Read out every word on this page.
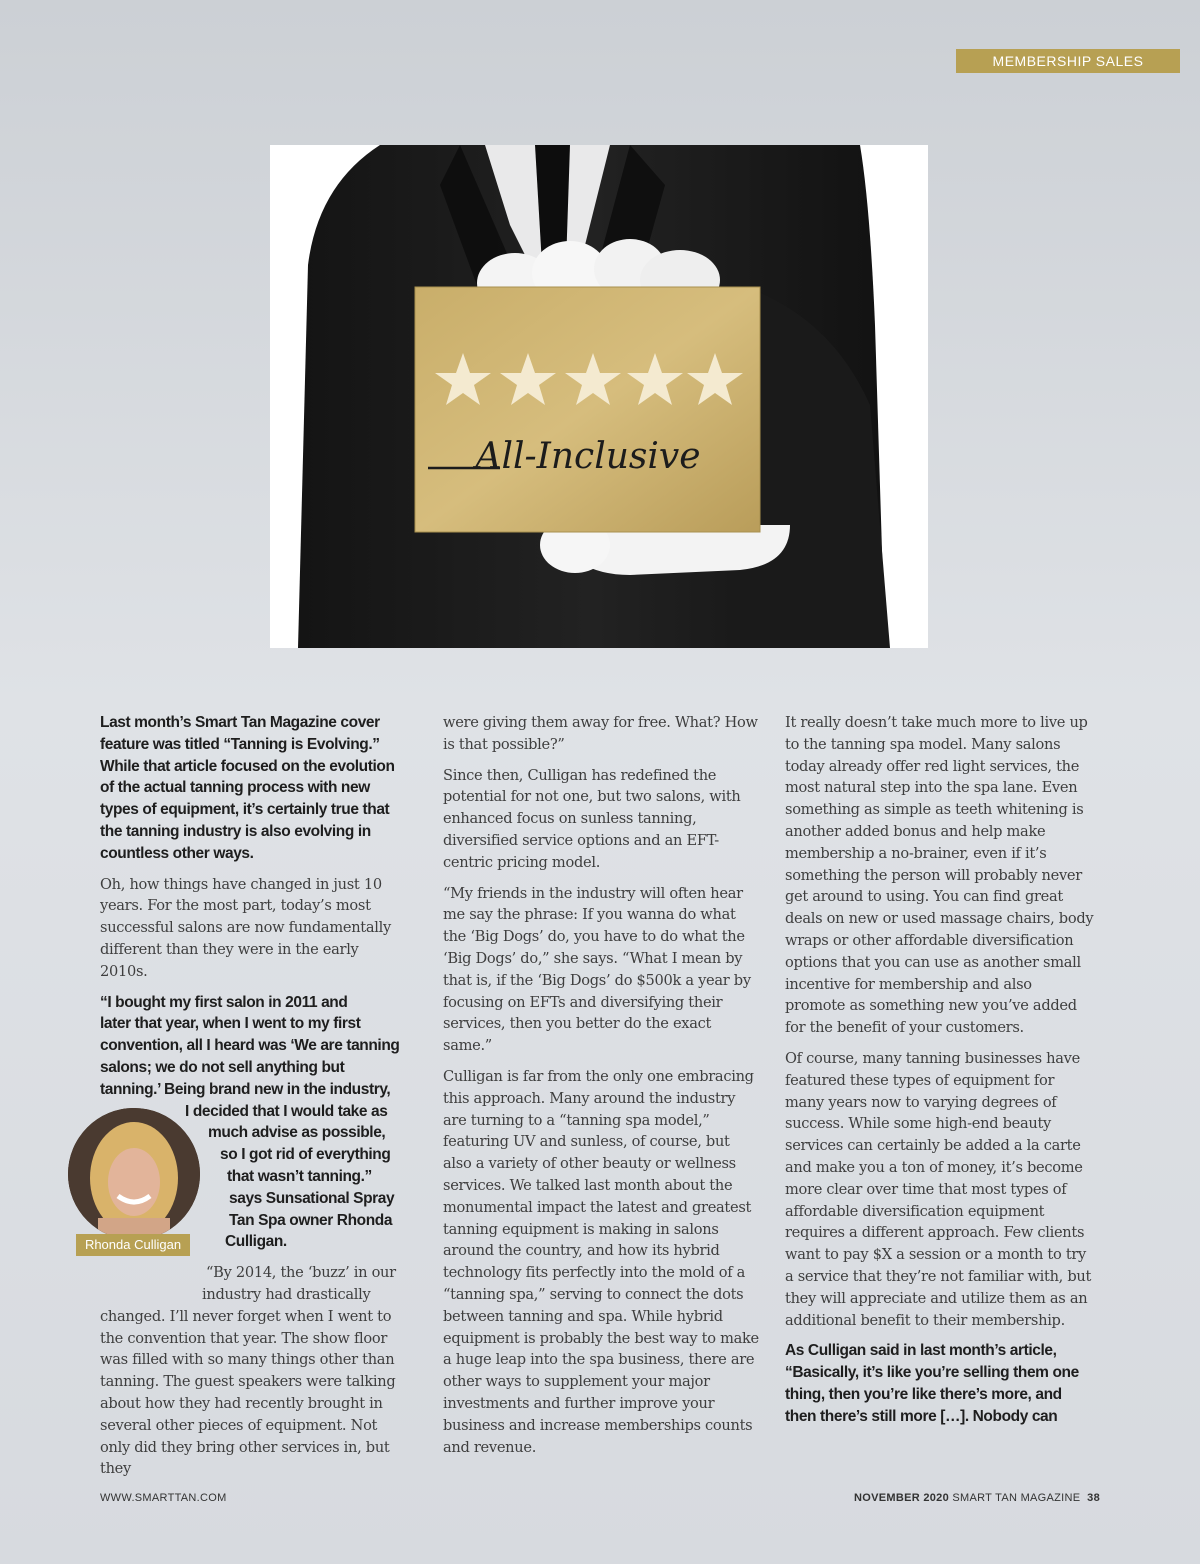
MEMBERSHIP SALES
All-Inclusive

Last month’s Smart Tan Magazine cover
feature was titled “Tanning is Evolving.”
While that article focused on the evolution
of the actual tanning process with new
types of equipment, it’s certainly true that
the tanning industry is also evolving in
countless other ways.

Oh, how things have changed in just 10 years. For the most part, today’s most successful salons are now fundamentally different than they were in the early 2010s.

“I bought my first salon in 2011 and
later that year, when I went to my first
convention, all I heard was ‘We are tanning
salons; we do not sell anything but
tanning.’ Being brand new in the industry,
I decided that I would take as
much advise as possible,
so I got rid of everything
that wasn’t tanning.”
says Sunsational Spray
Tan Spa owner Rhonda
Culligan.

“By 2014, the ‘buzz’ in our
industry had drastically

changed. I’ll never forget when I went to the convention that year. The show floor was filled with so many things other than tanning. The guest speakers were talking about how they had recently brought in several other pieces of equipment. Not only did they bring other services in, but they

Rhonda Culligan

were giving them away for free. What? How is that possible?”

Since then, Culligan has redefined the potential for not one, but two salons, with enhanced focus on sunless tanning, diversified service options and an EFT-centric pricing model.

“My friends in the industry will often hear me say the phrase: If you wanna do what the ‘Big Dogs’ do, you have to do what the ‘Big Dogs’ do,” she says. “What I mean by that is, if the ‘Big Dogs’ do $500k a year by focusing on EFTs and diversifying their services, then you better do the exact same.”

Culligan is far from the only one embracing this approach. Many around the industry are turning to a “tanning spa model,” featuring UV and sunless, of course, but also a variety of other beauty or wellness services. We talked last month about the monumental impact the latest and greatest tanning equipment is making in salons around the country, and how its hybrid technology fits perfectly into the mold of a “tanning spa,” serving to connect the dots between tanning and spa. While hybrid equipment is probably the best way to make a huge leap into the spa business, there are other ways to supplement your major investments and further improve your business and increase memberships counts and revenue.

It really doesn’t take much more to live up to the tanning spa model. Many salons today already offer red light services, the most natural step into the spa lane. Even something as simple as teeth whitening is another added bonus and help make membership a no-brainer, even if it’s something the person will probably never get around to using. You can find great deals on new or used massage chairs, body wraps or other affordable diversification options that you can use as another small incentive for membership and also promote as something new you’ve added for the benefit of your customers.

Of course, many tanning businesses have featured these types of equipment for many years now to varying degrees of success. While some high-end beauty services can certainly be added a la carte and make you a ton of money, it’s become more clear over time that most types of affordable diversification equipment requires a different approach. Few clients want to pay $X a session or a month to try a service that they’re not familiar with, but they will appreciate and utilize them as an additional benefit to their membership.

As Culligan said in last month’s article, “Basically, it’s like you’re selling them one thing, then you’re like there’s more, and then there’s still more […]. Nobody can

WWW.SMARTTAN.COM	NOVEMBER 2020 SMART TAN MAGAZINE 38
